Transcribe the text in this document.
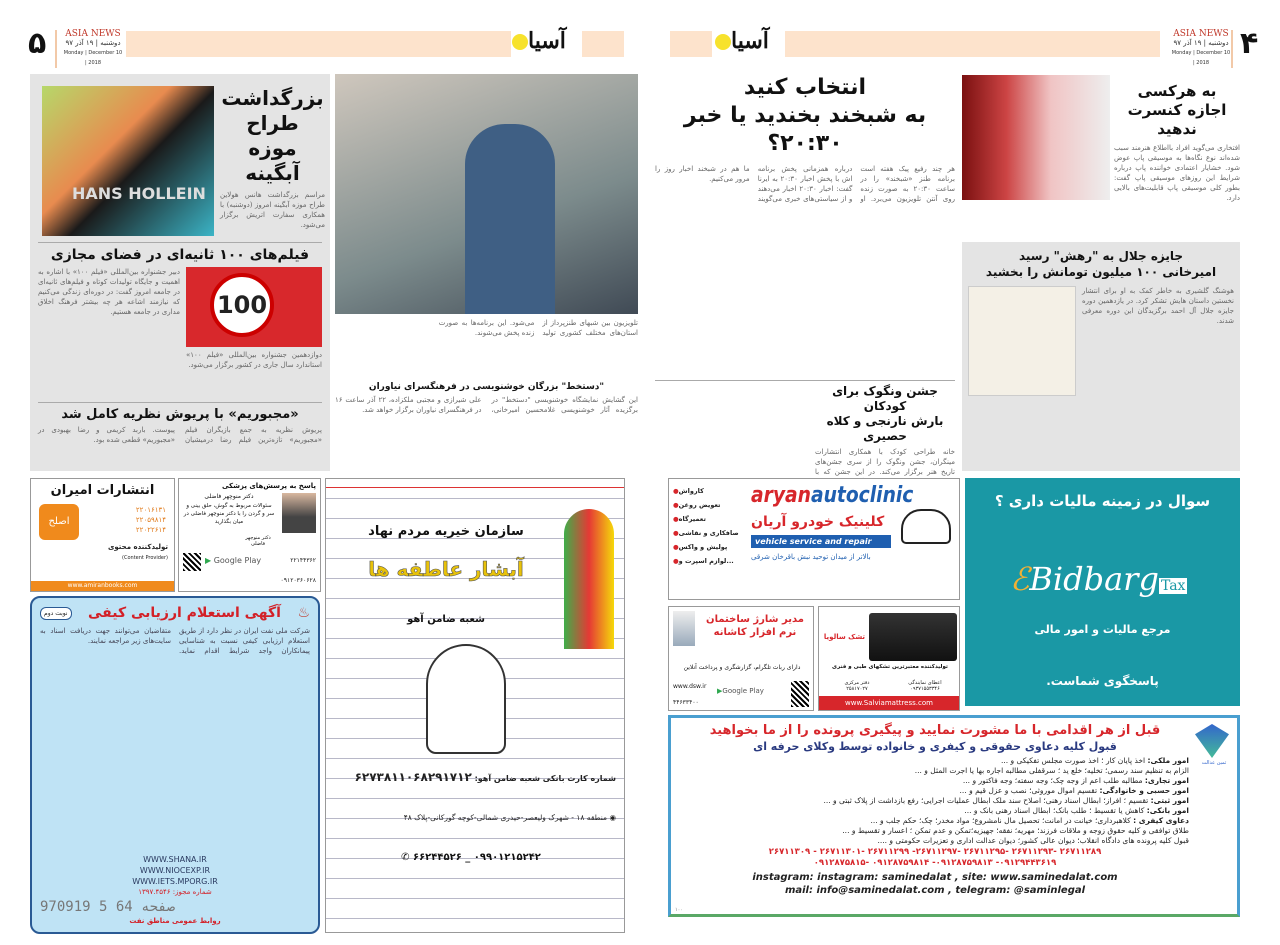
۵	ASIA NEWS
دوشنبه | ۱۹ آذر ۹۷
Monday | December 10 | 2018
آسیا
HANS HOLLEIN
بزرگداشت طراح موزه آبگینه
مراسم بزرگداشت هانس هولاین طراح موزه آبگینه امروز (دوشنبه) با همکاری سفارت اتریش برگزار می‌شود.
فیلم‌های ۱۰۰ ثانیه‌ای در فضای مجازی
دبیر جشنواره بین‌المللی «فیلم ۱۰۰» با اشاره به اهمیت و جایگاه تولیدات کوتاه و فیلم‌های ثانیه‌ای در جامعه امروز گفت: در دوره‌ای زندگی می‌کنیم که نیازمند اشاعه هر چه بیشتر فرهنگ اخلاق مداری در جامعه هستیم. 100
دوازدهمین جشنواره بین‌المللی «فیلم ۱۰۰» استاندارد سال جاری در کشور برگزار می‌شود.
«مجبوریم» با پریوش نظریه کامل شد
پریوش نظریه به جمع بازیگران فیلم «مجبوریم» تازه‌ترین فیلم رضا درمیشیان پیوست. باربد کریمی و رضا بهبودی در «مجبوریم» قطعی شده بود.
تلویزیون بین شبهای طنزپرداز از استان‌های مختلف کشوری تولید می‌شود. این برنامه‌ها به صورت زنده پخش می‌شوند.
"دستخط" بزرگان خوشنویسی در فرهنگسرای نیاوران
این گشایش نمایشگاه خوشنویسی "دستخط" در برگزیده آثار خوشنویسی غلامحسین امیرخانی، علی شیرازی و مجتبی ملکزاده، ۲۲ آذر ساعت ۱۶ در فرهنگسرای نیاوران برگزار خواهد شد.
انتشارات امیران
اصلح
۲۲۰۱۶۱۳۱
۲۲۰۵۹۸۱۴
۲۲۰۲۲۶۱۴
تولیدکننده محتوی
(Content Provider)
www.amiranbooks.com
پاسخ به پرسش‌های پزشکی
دکتر منوچهر فاضلی
دکتر منوچهر فاضلی
سئوالات مربوط به گوش، حلق بینی و سر و گردن را با دکتر منوچهر فاضلی در میان بگذارید
▶ Google Play	۲۲۱۴۴۳۶۲
۰۹۱۲۰۳۶۰۶۲۸
سازمان خیریه مردم نهاد
آبشار عاطفه ها
شعبه ضامن آهو
شماره کارت بانکی شعبه ضامن آهو: ۶۲۷۳۸۱۱۰۶۸۲۹۱۷۱۲
◉ منطقه ۱۸ - شهرک ولیعصر-حیدری شمالی-کوچه گورکانی-پلاک ۴۸
۰۹۹۰۱۲۱۵۲۴۲ _ ۶۶۲۴۴۵۲۶ ✆
نوبت دوم	آگهی استعلام ارزیابی کیفی	♨
شرکت ملی نفت ایران در نظر دارد از طریق استعلام ارزیابی کیفی نسبت به شناسایی پیمانکاران واجد شرایط اقدام نماید. متقاضیان می‌توانند جهت دریافت اسناد به سایت‌های زیر مراجعه نمایند.
WWW.SHANA.IR
WWW.NIOCEXP.IR
WWW.IETS.MPORG.IR
شماره مجوز: ۱۳۹۷.۴۵۴۶
970919 5 64 صفحه
روابط عمومی مناطق نفت
آسیا	ASIA NEWS
دوشنبه | ۱۹ آذر ۹۷
Monday | December 10 | 2018
۴
انتخاب کنید
به شبخند بخندید یا خبر ۲۰:۳۰؟
هر چند رفیع پیک هفته است برنامه طنز «شبخند» را در ساعت ۲۰:۳۰ به صورت زنده روی آنتن تلویزیون می‌برد. او درباره همزمانی پخش برنامه اش با پخش اخبار ۲۰:۳۰ به ایرنا گفت: اخبار ۲۰:۳۰ اخبار می‌دهند و از سیاستی‌های خبری می‌گویند ما هم در شبخند اخبار روز را مرور می‌کنیم.
به هرکسی
اجازه کنسرت ندهید
افتخاری می‌گوید افراد بااطلاع هنرمند سبب شده‌اند نوع نگاه‌ها به موسیقی پاپ عوض شود. خشایار اعتمادی خواننده پاپ درباره شرایط این روزهای موسیقی پاپ گفت: بطور کلی موسیقی پاپ قابلیت‌های بالایی دارد.
جایزه جلال به "رهش" رسید
امیرخانی ۱۰۰ میلیون تومانش را بخشید
هوشنگ گلشیری به خاطر کمک به او برای انتشار نخستین داستان هایش تشکر کرد. در یازدهمین دوره جایزه جلال آل احمد برگزیدگان این دوره معرفی شدند.
جشن ونگوک برای کودکان
بارش نارنجی و کلاه حصیری
خانه طراحی کودک با همکاری انتشارات مینگران، جشن ونگوک را از سری جشن‌های تاریخ هنر برگزار می‌کند. در این جشن که با
aryanautoclinic
کلینیک خودرو آریان
vehicle service and repair
بالاتر از میدان توحید نبش باقرخان شرقی
●کارواش
●تعویض روغن
●تعمیرگاه
●صافکاری و نقاشی
●پولیش و واکس
●لوازم اسپرت و...
مدیر شارژ ساختمان
نرم افزار کاشانه
دارای ربات تلگرام، گزارشگری و پرداخت آنلاین
www.dsw.ir
۴۴۶۳۳۴۰۰
▶Google Play
تشک سالویا
تولیدکننده معتبرترین تشکهای طبی و فنری
اعطای نمایندگی
۰۹۳۷۱۵۵۳۳۴۶
دفتر مرکزی
۲۵۸۱۷۰۲۷
www.Salviamattress.com
سوال در زمینه مالیات داری ؟
ℰBidbarg Tax
مرجع مالیات و امور مالی
پاسخگوی شماست.
ثمین عدالت
قبل از هر اقدامی با ما مشورت نمایید و پیگیری پرونده را از ما بخواهید
قبول کلیه دعاوی حقوقی و کیفری و خانواده توسط وکلای حرفه ای
امور ملکی: اخذ پایان کار ؛ اخذ صورت مجلس تفکیکی و ...
الزام به تنظیم سند رسمی؛ تخلیه؛ خلع ید ؛ سرقفلی مطالبه اجاره بها یا اجرت المثل و ...
امور تجاری: مطالبه طلب اعم از وجه چک؛ وجه سفته؛ وجه فاکتور و ...
امور حسبی و خانوادگی: تقسیم اموال موروثی؛ نصب و عزل قیم و ...
امور ثبتی: تقسیم ؛ افراز؛ ابطال اسناد رهنی؛ اصلاح سند ملک ابطال عملیات اجرایی؛ رفع بازداشت از پلاک ثبتی و ...
امور بانکی: کاهش یا تقسیط ؛ طلب بانک؛ ابطال اسناد رهنی بانک و ...
دعاوی کیفری : کلاهبرداری؛ خیانت در امانت؛ تحصیل مال نامشروع؛ مواد مخدر؛ چک؛ حکم جلب و ...
طلاق توافقی و کلیه حقوق زوجه و ملاقات فرزند؛ مهریه؛ نفقه؛ جهیزیه؛تمکن و عدم تمکن ؛ اعسار و تقسیط و ...
قبول کلیه پرونده های دادگاه انقلاب؛ دیوان عالی کشور؛ دیوان عدالت اداری و تعزیرات حکومتی و ....
۲۶۷۱۱۲۸۹ -۲۶۷۱۱۲۹۳ -۲۶۷۱۱۲۹۵ -۲۶۷۱۱۲۹۷- ۲۶۷۱۱۲۹۹ -۲۶۷۱۱۳۰۱ - ۲۶۷۱۱۳۰۹
۰۹۱۲۹۴۴۳۶۱۹- ۰۹۱۲۸۷۵۹۸۱۳- ۰۹۱۲۸۷۵۹۸۱۴ -۰۹۱۲۸۷۵۸۱۵
instagram: instagram: saminedalat , site: www.saminedalat.com
mail: info@saminedalat.com , telegram: @saminlegal
۱۰۰
